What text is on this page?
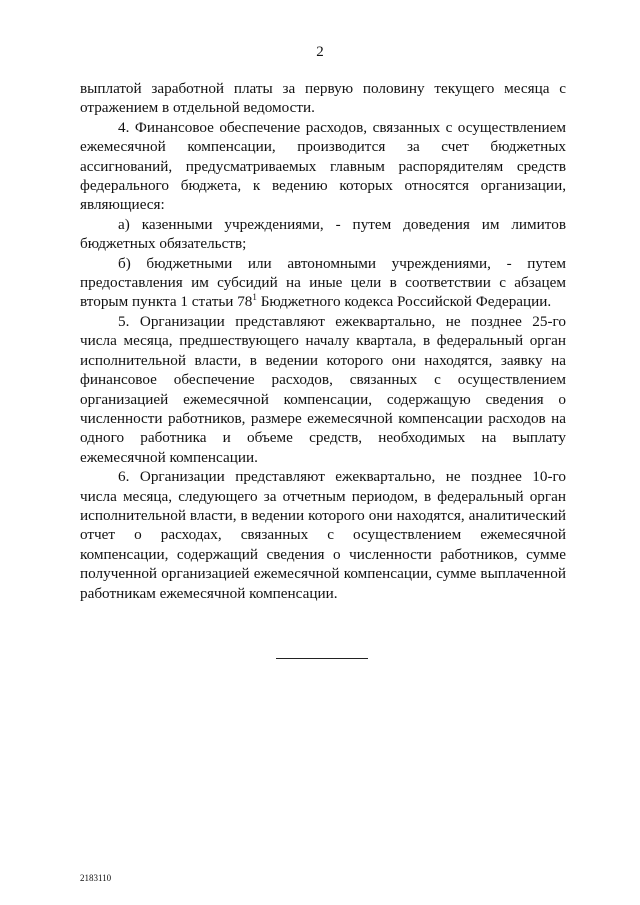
2

выплатой заработной платы за первую половину текущего месяца с отражением в отдельной ведомости.

4. Финансовое обеспечение расходов, связанных с осуществлением ежемесячной компенсации, производится за счет бюджетных ассигнований, предусматриваемых главным распорядителям средств федерального бюджета, к ведению которых относятся организации, являющиеся:

а) казенными учреждениями, - путем доведения им лимитов бюджетных обязательств;

б) бюджетными или автономными учреждениями, - путем предоставления им субсидий на иные цели в соответствии с абзацем вторым пункта 1 статьи $78^1$ Бюджетного кодекса Российской Федерации.

5. Организации представляют ежеквартально, не позднее 25-го числа месяца, предшествующего началу квартала, в федеральный орган исполнительной власти, в ведении которого они находятся, заявку на финансовое обеспечение расходов, связанных с осуществлением организацией ежемесячной компенсации, содержащую сведения о численности работников, размере ежемесячной компенсации расходов на одного работника и объеме средств, необходимых на выплату ежемесячной компенсации.

6. Организации представляют ежеквартально, не позднее 10-го числа месяца, следующего за отчетным периодом, в федеральный орган исполнительной власти, в ведении которого они находятся, аналитический отчет о расходах, связанных с осуществлением ежемесячной компенсации, содержащий сведения о численности работников, сумме полученной организацией ежемесячной компенсации, сумме выплаченной работникам ежемесячной компенсации.

2183110
